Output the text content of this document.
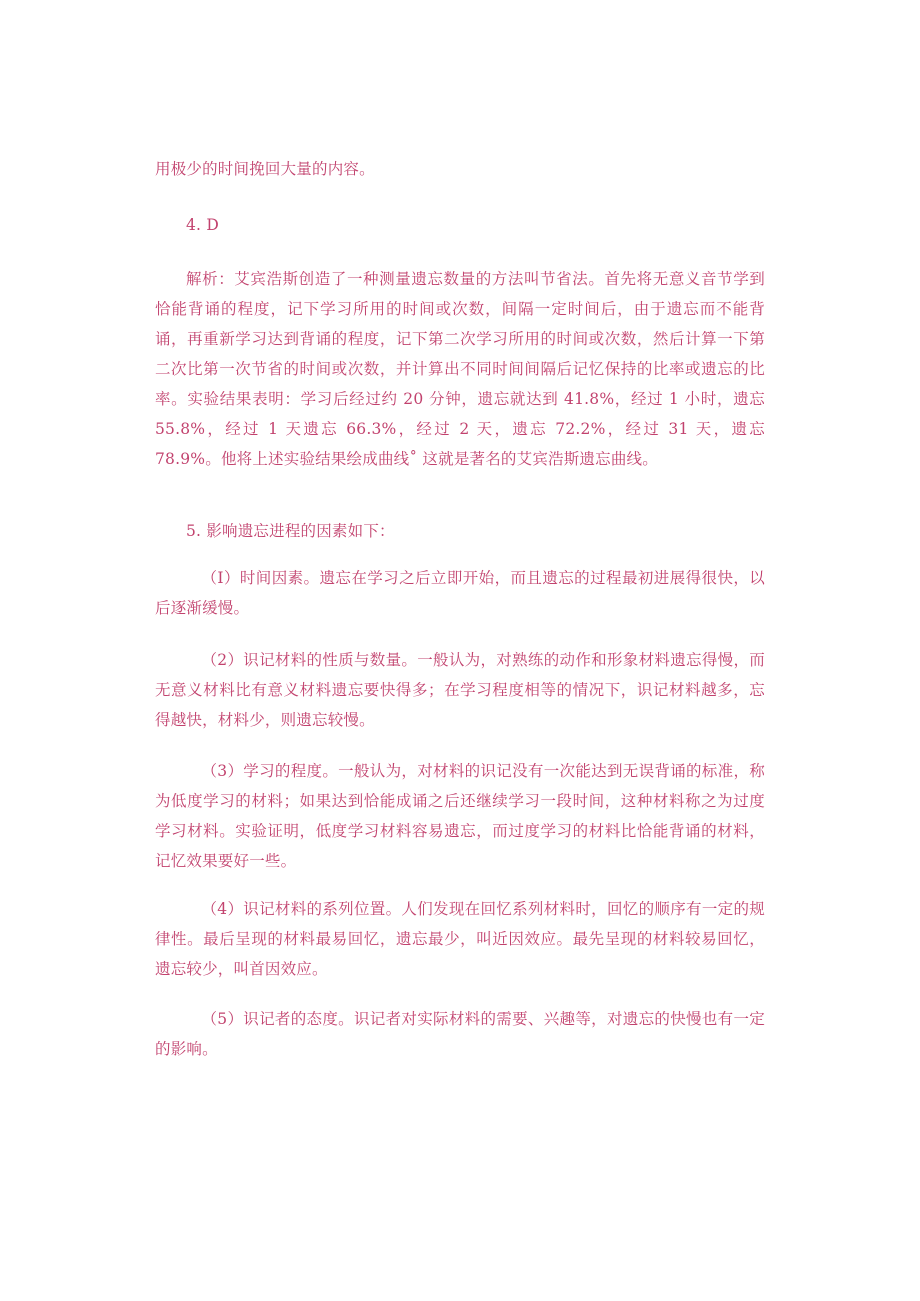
用极少的时间挽回大量的内容。

4. D

解析：艾宾浩斯创造了一种测量遗忘数量的方法叫节省法。首先将无意义音节学到恰能背诵的程度，记下学习所用的时间或次数，间隔一定时间后，由于遗忘而不能背诵，再重新学习达到背诵的程度，记下第二次学习所用的时间或次数，然后计算一下第二次比第一次节省的时间或次数，并计算出不同时间间隔后记忆保持的比率或遗忘的比率。实验结果表明：学习后经过约 20 分钟，遗忘就达到 41.8%，经过 1 小时，遗忘 55.8%，经过 1 天遗忘 66.3%，经过 2 天，遗忘 72.2%，经过 31 天，遗忘 78.9%。他将上述实验结果绘成曲线˚ 这就是著名的艾宾浩斯遗忘曲线。

5. 影响遗忘进程的因素如下：

（I）时间因素。遗忘在学习之后立即开始，而且遗忘的过程最初进展得很快，以后逐渐缓慢。

（2）识记材料的性质与数量。一般认为，对熟练的动作和形象材料遗忘得慢，而无意义材料比有意义材料遗忘要快得多；在学习程度相等的情况下，识记材料越多，忘得越快，材料少，则遗忘较慢。

（3）学习的程度。一般认为，对材料的识记没有一次能达到无误背诵的标准，称为低度学习的材料；如果达到恰能成诵之后还继续学习一段时间，这种材料称之为过度学习材料。实验证明，低度学习材料容易遗忘，而过度学习的材料比恰能背诵的材料，记忆效果要好一些。

（4）识记材料的系列位置。人们发现在回忆系列材料时，回忆的顺序有一定的规律性。最后呈现的材料最易回忆，遗忘最少，叫近因效应。最先呈现的材料较易回忆，遗忘较少，叫首因效应。

（5）识记者的态度。识记者对实际材料的需要、兴趣等，对遗忘的快慢也有一定的影响。
